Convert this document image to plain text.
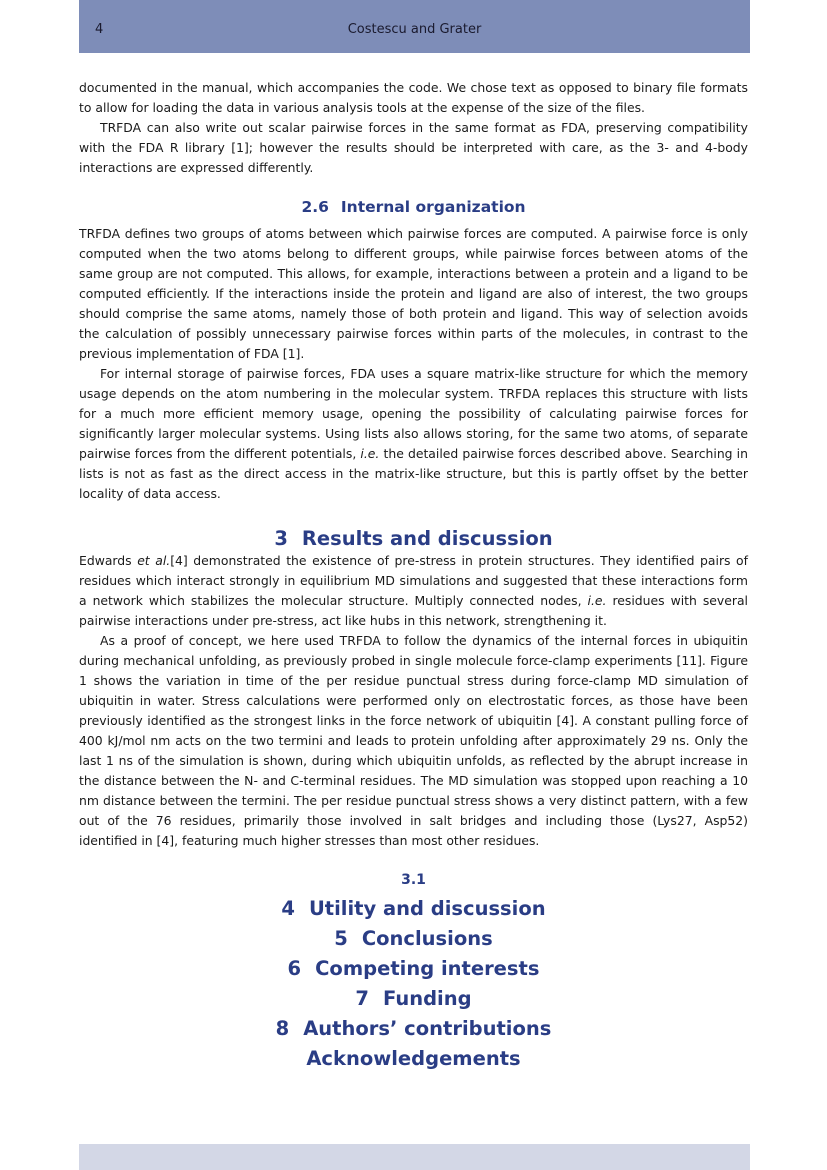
4	Costescu and Grater

documented in the manual, which accompanies the code. We chose text as opposed to binary file formats to allow for loading the data in various analysis tools at the expense of the size of the files.

TRFDA can also write out scalar pairwise forces in the same format as FDA, preserving compatibility with the FDA R library [1]; however the results should be interpreted with care, as the 3- and 4-body interactions are expressed differently.

2.6 Internal organization

TRFDA defines two groups of atoms between which pairwise forces are computed. A pairwise force is only computed when the two atoms belong to different groups, while pairwise forces between atoms of the same group are not computed. This allows, for example, interactions between a protein and a ligand to be computed efficiently. If the interactions inside the protein and ligand are also of interest, the two groups should comprise the same atoms, namely those of both protein and ligand. This way of selection avoids the calculation of possibly unnecessary pairwise forces within parts of the molecules, in contrast to the previous implementation of FDA [1].

For internal storage of pairwise forces, FDA uses a square matrix-like structure for which the memory usage depends on the atom numbering in the molecular system. TRFDA replaces this structure with lists for a much more efficient memory usage, opening the possibility of calculating pairwise forces for significantly larger molecular systems. Using lists also allows storing, for the same two atoms, of separate pairwise forces from the different potentials, i.e. the detailed pairwise forces described above. Searching in lists is not as fast as the direct access in the matrix-like structure, but this is partly offset by the better locality of data access.

3 Results and discussion

Edwards et al.[4] demonstrated the existence of pre-stress in protein structures. They identified pairs of residues which interact strongly in equilibrium MD simulations and suggested that these interactions form a network which stabilizes the molecular structure. Multiply connected nodes, i.e. residues with several pairwise interactions under pre-stress, act like hubs in this network, strengthening it.

As a proof of concept, we here used TRFDA to follow the dynamics of the internal forces in ubiquitin during mechanical unfolding, as previously probed in single molecule force-clamp experiments [11]. Figure 1 shows the variation in time of the per residue punctual stress during force-clamp MD simulation of ubiquitin in water. Stress calculations were performed only on electrostatic forces, as those have been previously identified as the strongest links in the force network of ubiquitin [4]. A constant pulling force of 400 kJ/mol nm acts on the two termini and leads to protein unfolding after approximately 29 ns. Only the last 1 ns of the simulation is shown, during which ubiquitin unfolds, as reflected by the abrupt increase in the distance between the N- and C-terminal residues. The MD simulation was stopped upon reaching a 10 nm distance between the termini. The per residue punctual stress shows a very distinct pattern, with a few out of the 76 residues, primarily those involved in salt bridges and including those (Lys27, Asp52) identified in [4], featuring much higher stresses than most other residues.

3.1
4 Utility and discussion
5 Conclusions
6 Competing interests
7 Funding
8 Authors’ contributions
Acknowledgements
